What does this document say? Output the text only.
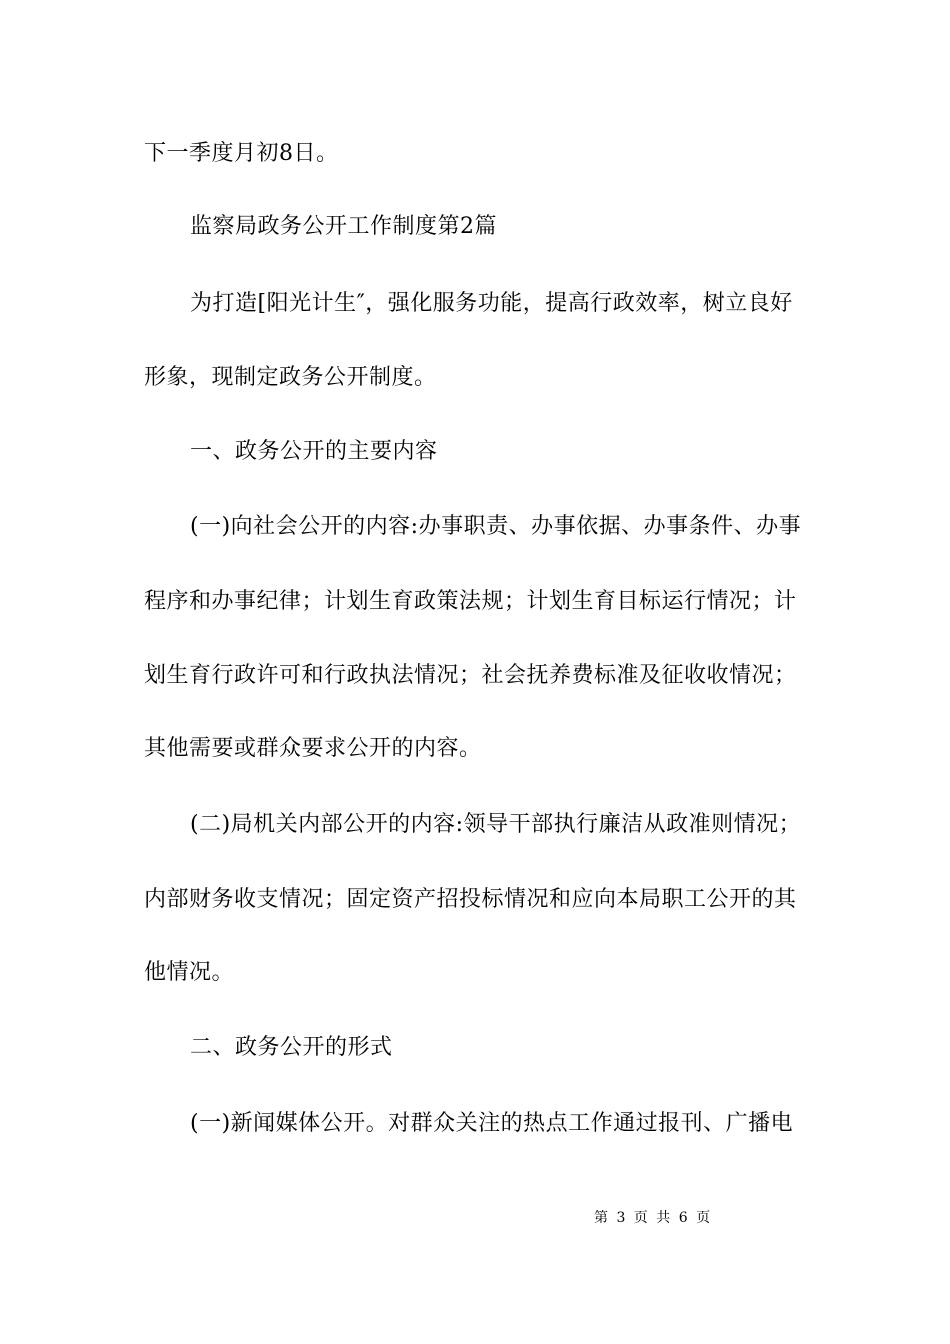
下一季度月初8日。
监察局政务公开工作制度第2篇
为打造[阳光计生″，强化服务功能，提高行政效率，树立良好
形象，现制定政务公开制度。
一、政务公开的主要内容
(一)向社会公开的内容:办事职责、办事依据、办事条件、办事
程序和办事纪律；计划生育政策法规；计划生育目标运行情况；计
划生育行政许可和行政执法情况；社会抚养费标准及征收收情况；
其他需要或群众要求公开的内容。
(二)局机关内部公开的内容:领导干部执行廉洁从政准则情况；
内部财务收支情况；固定资产招投标情况和应向本局职工公开的其
他情况。
二、政务公开的形式
(一)新闻媒体公开。对群众关注的热点工作通过报刊、广播电
第 3 页 共 6 页
